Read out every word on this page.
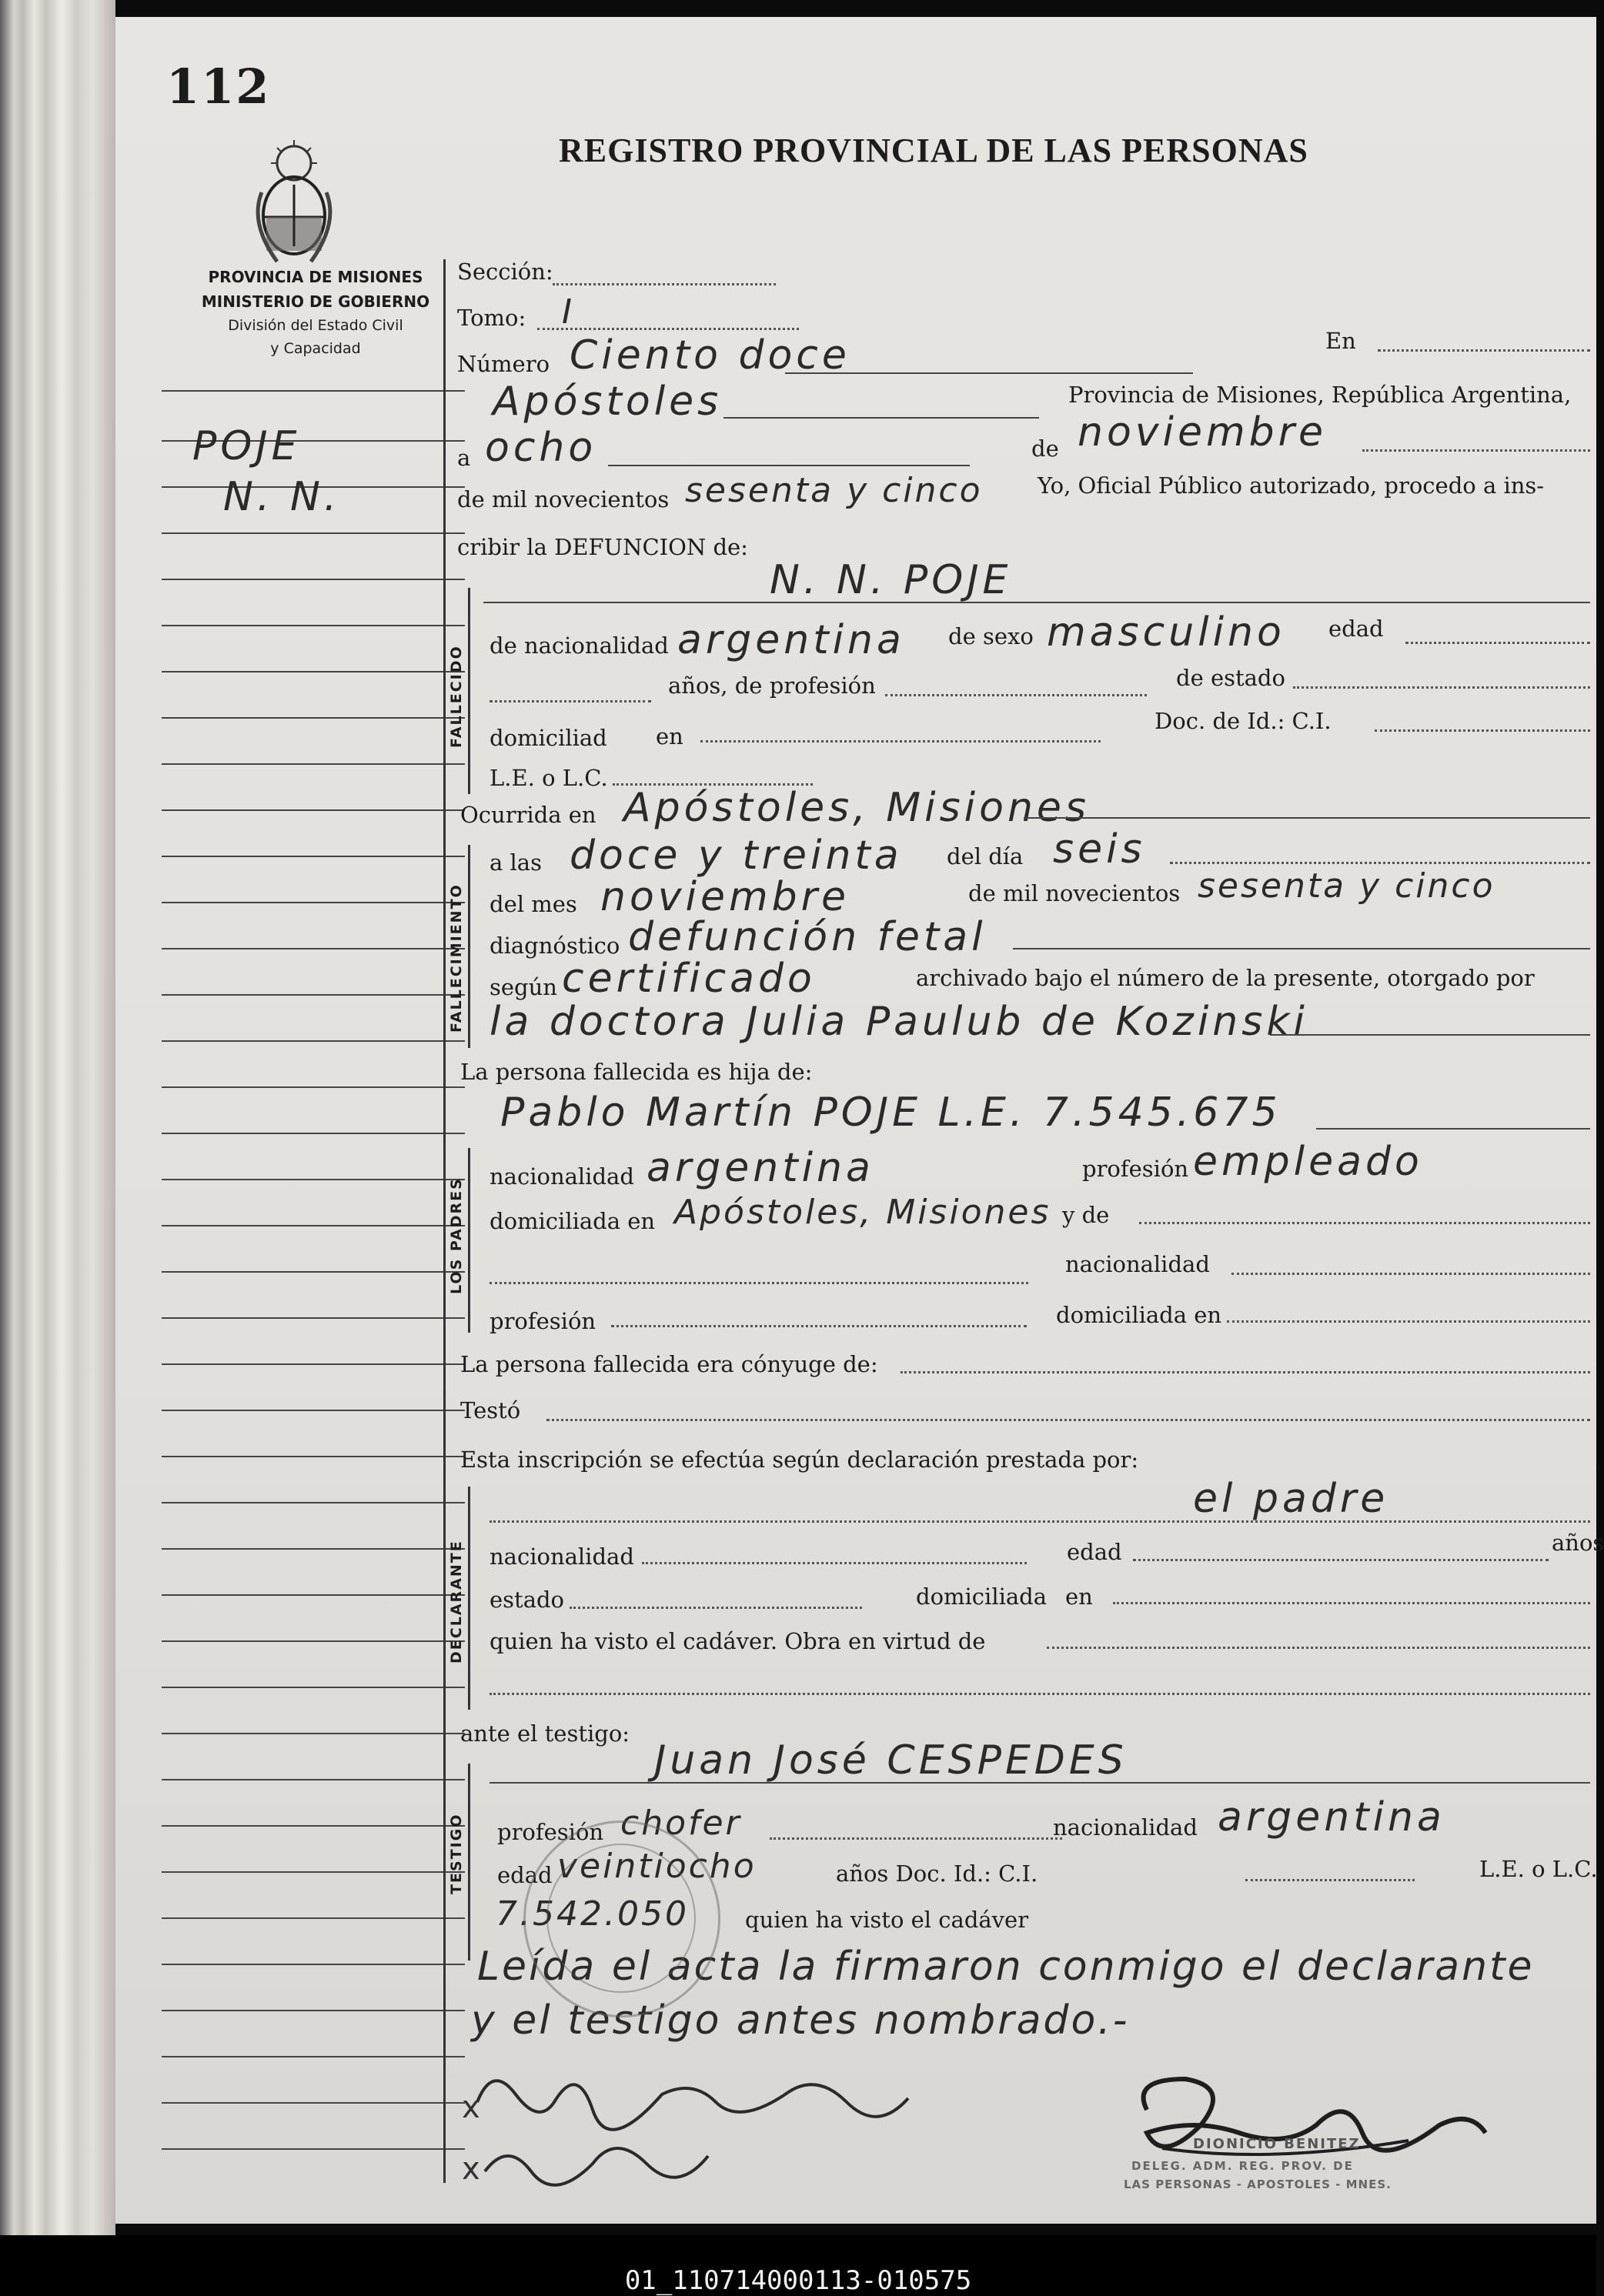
112
REGISTRO PROVINCIAL DE LAS PERSONAS
PROVINCIA DE MISIONES
MINISTERIO DE GOBIERNO
División del Estado Civil
y Capacidad
POJE
N. N.
Sección:
Tomo: I
Número Ciento doce	En
Apóstoles	Provincia de Misiones, República Argentina,
a ocho	de noviembre
de mil novecientos sesenta y cinco Yo, Oficial Público autorizado, procedo a ins-
cribir la DEFUNCION de:
FALLECIDO
N. N. POJE
de nacionalidad argentina de sexo masculino edad
años, de profesión	de estado
domiciliad en
Doc. de Id.: C.I.
L.E. o L.C.
Ocurrida en Apóstoles, Misiones
FALLECIMIENTO
a las doce y treinta del día seis
del mes noviembre	de mil novecientos sesenta y cinco
diagnóstico defunción fetal
según certificado	archivado bajo el número de la presente, otorgado por
la doctora Julia Paulub de Kozinski
La persona fallecida es hija de:
Pablo Martín POJE L.E. 7.545.675
LOS PADRES
nacionalidad argentina	profesión empleado
domiciliada en Apóstoles, Misiones y de
nacionalidad
profesión	domiciliada en
La persona fallecida era cónyuge de:
Testó
Esta inscripción se efectúa según declaración prestada por:
DECLARANTE
el padre
nacionalidad	edad	años
estado	domiciliada en
quien ha visto el cadáver. Obra en virtud de
ante el testigo:
TESTIGO
Juan José CESPEDES
profesión chofer	nacionalidad argentina
edad veintiocho	años Doc. Id.: C.I.	L.E. o L.C.
7.542.050	quien ha visto el cadáver
Leída el acta la firmaron conmigo el declarante
y el testigo antes nombrado.-
x
x
DIONICIO BENITEZ
DELEG. ADM. REG. PROV. DE
LAS PERSONAS - APOSTOLES - MNES.
01_110714000113-010575
